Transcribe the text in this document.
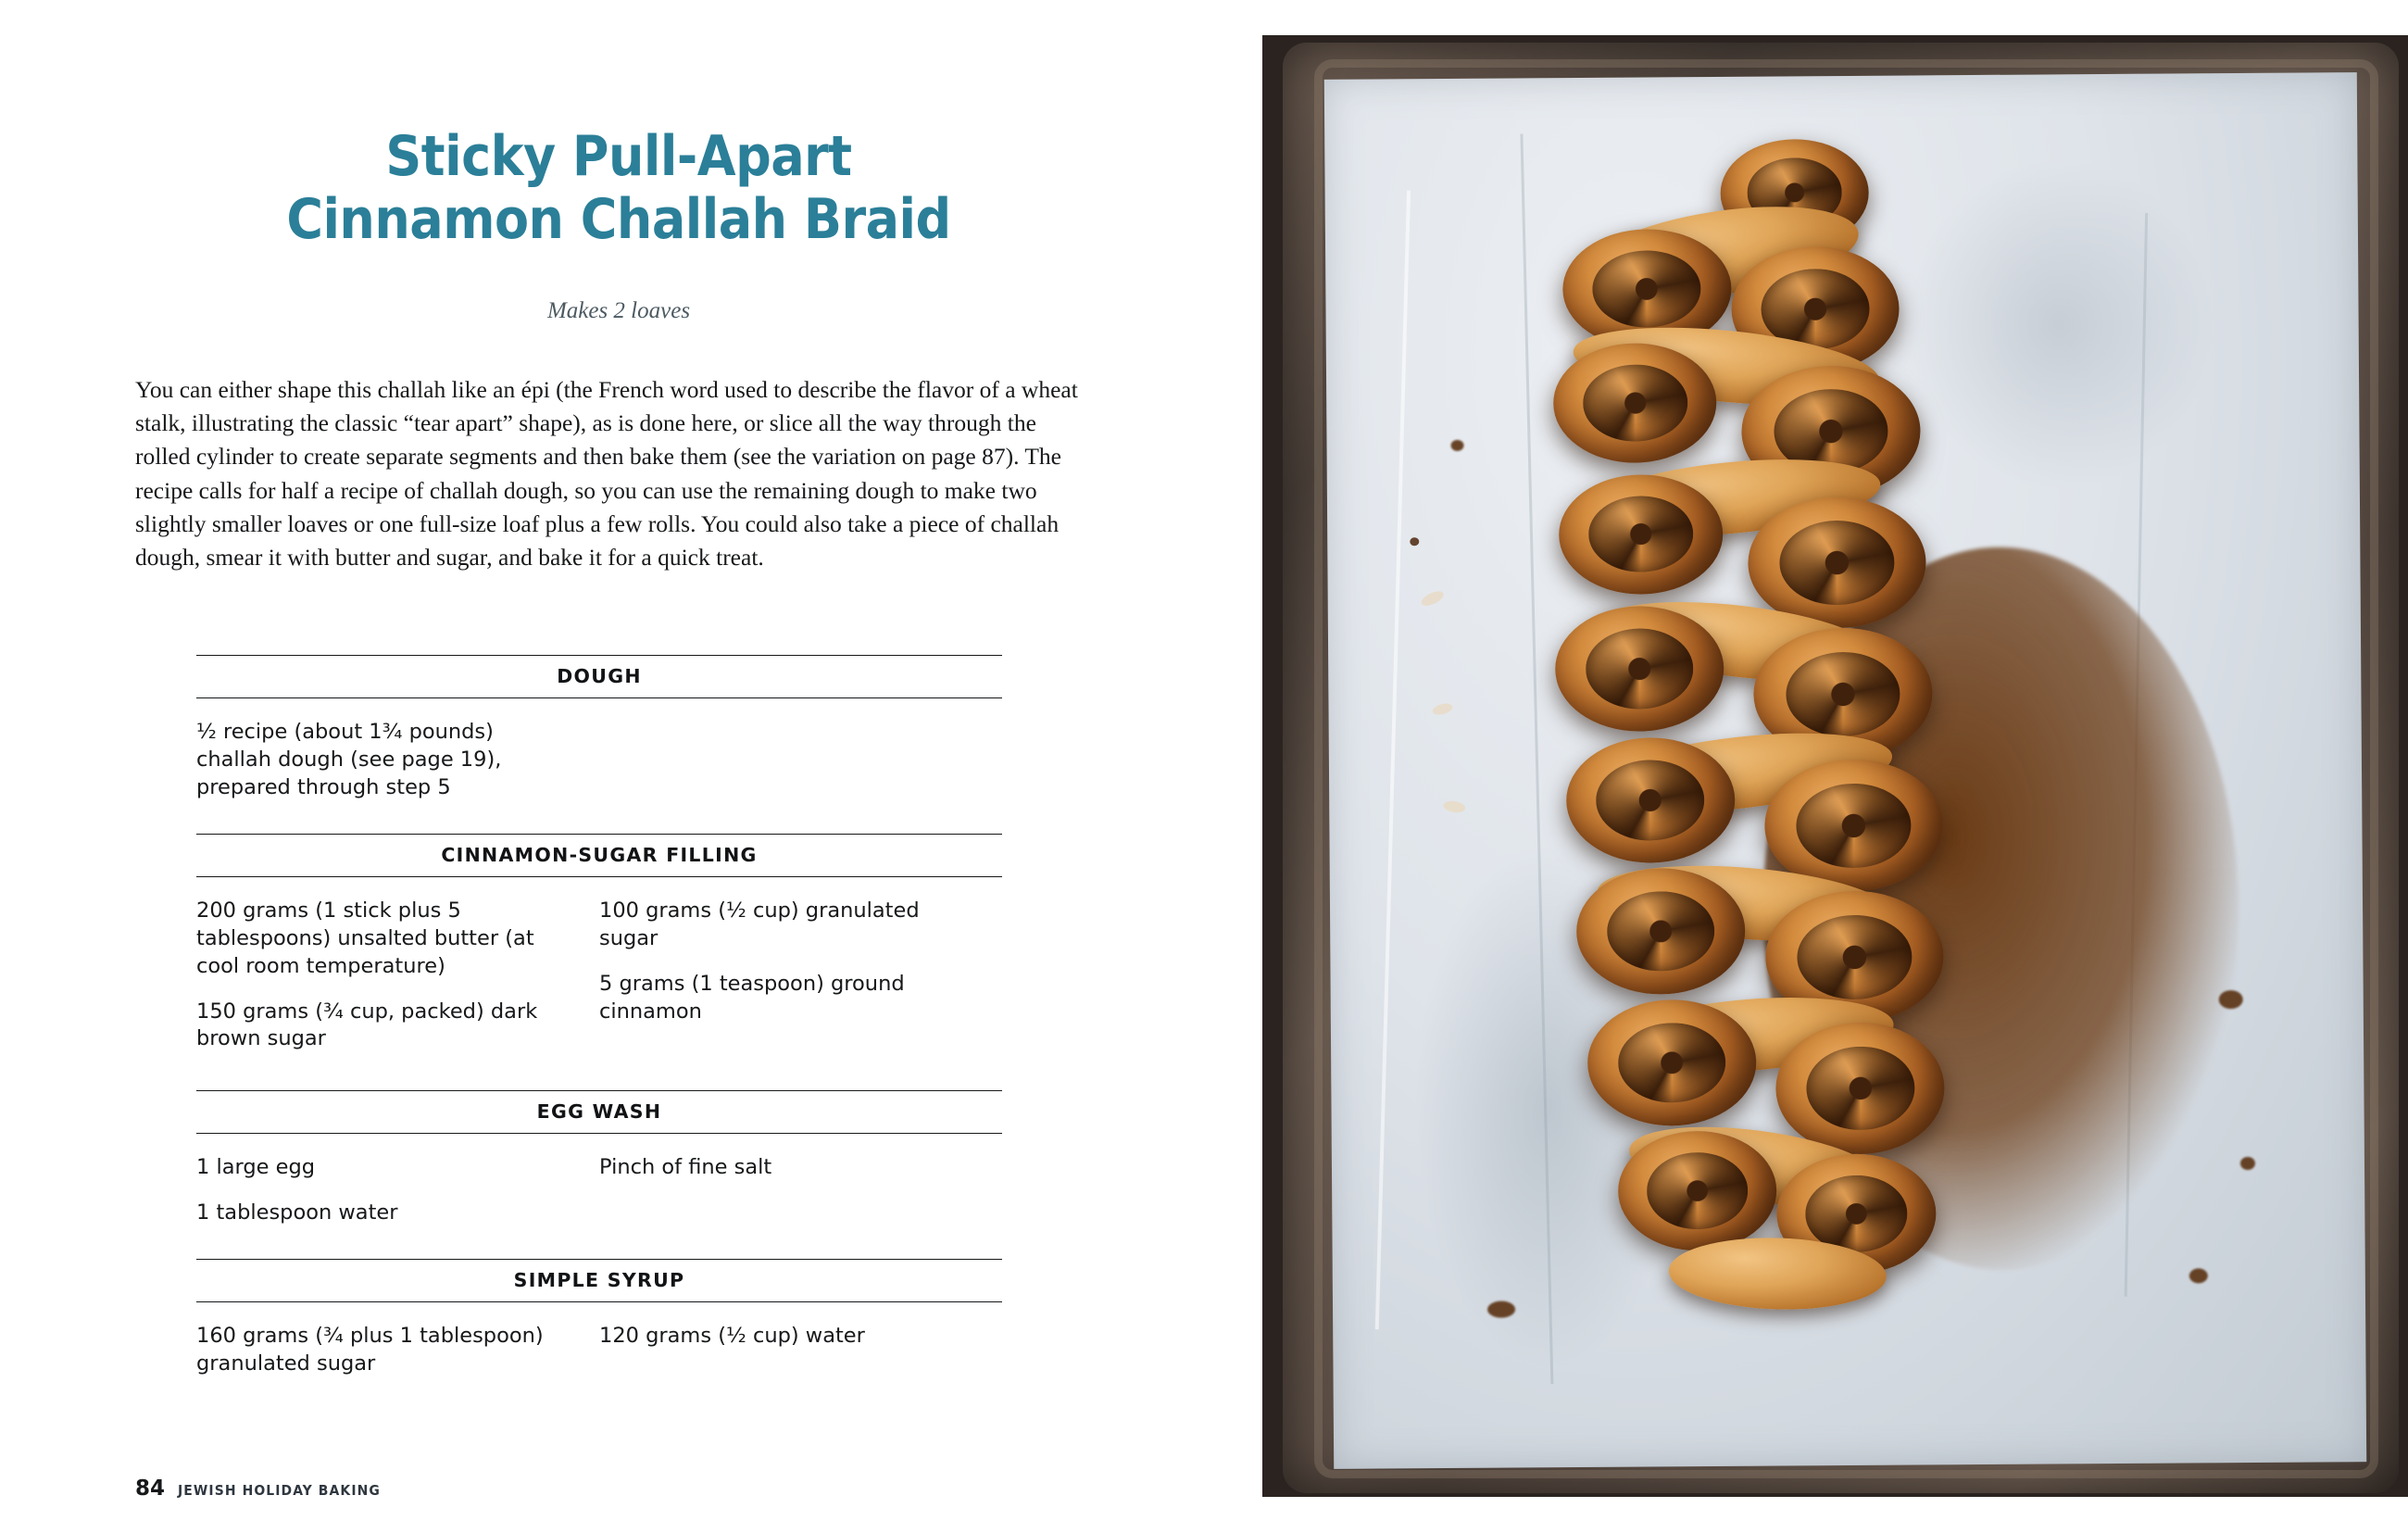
Sticky Pull-Apart
Cinnamon Challah Braid
Makes 2 loaves
You can either shape this challah like an épi (the French word used to describe the flavor of a wheat stalk, illustrating the classic “tear apart” shape), as is done here, or slice all the way through the rolled cylinder to create separate segments and then bake them (see the variation on page 87). The recipe calls for half a recipe of challah dough, so you can use the remaining dough to make two slightly smaller loaves or one full-size loaf plus a few rolls. You could also take a piece of challah dough, smear it with butter and sugar, and bake it for a quick treat.
DOUGH
½ recipe (about 1¾ pounds) challah dough (see page 19), prepared through step 5
CINNAMON-SUGAR FILLING
200 grams (1 stick plus 5 tablespoons) unsalted butter (at cool room temperature)
150 grams (¾ cup, packed) dark brown sugar
100 grams (½ cup) granulated sugar
5 grams (1 teaspoon) ground cinnamon
EGG WASH
1 large egg
1 tablespoon water
Pinch of fine salt
SIMPLE SYRUP
160 grams (¾ plus 1 tablespoon) granulated sugar
120 grams (½ cup) water
84 JEWISH HOLIDAY BAKING
